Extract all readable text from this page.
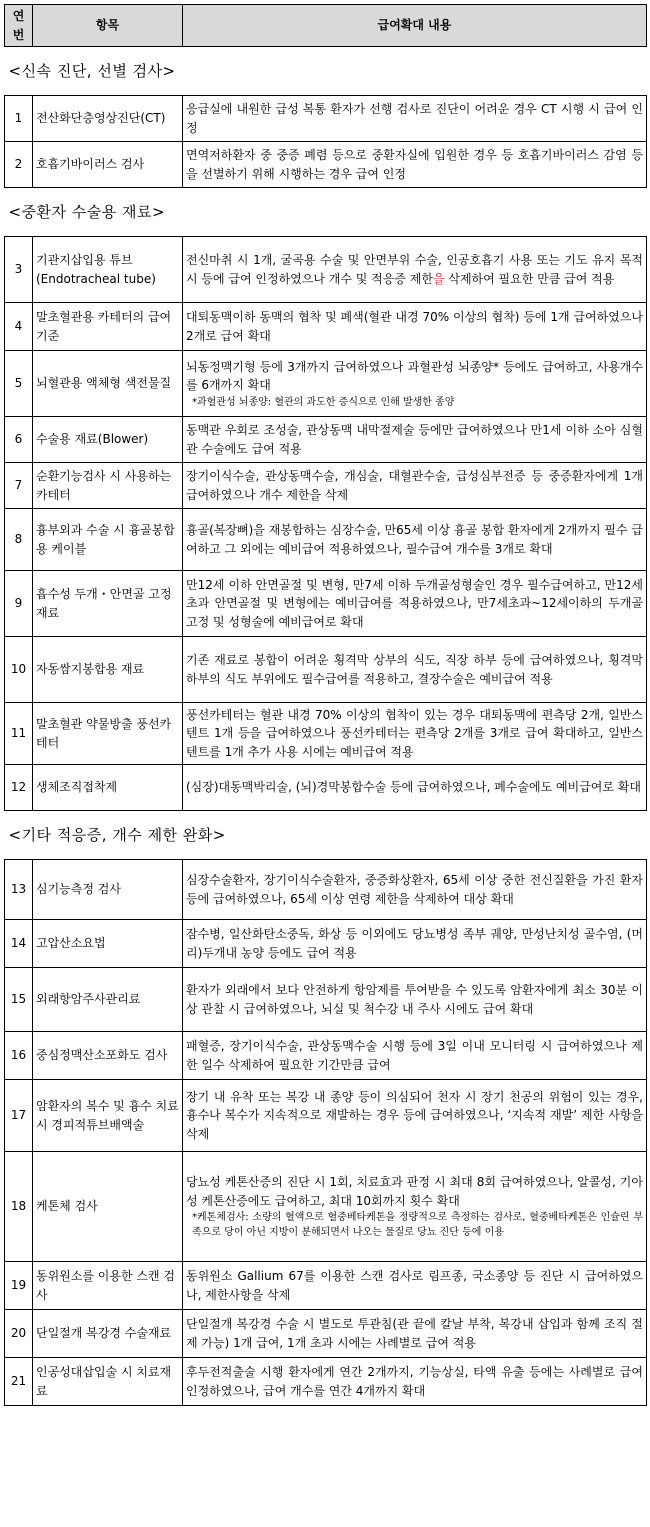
연번	항목	급여확대 내용
<신속 진단, 선별 검사>		
1	전산화단층영상진단(CT)	응급실에 내원한 급성 복통 환자가 선행 검사로 진단이 어려운 경우 CT 시행 시 급여 인정
2	호흡기바이러스 검사	면역저하환자 중 중증 폐렴 등으로 중환자실에 입원한 경우 등 호흡기바이러스 감염 등을 선별하기 위해 시행하는 경우 급여 인정
<중환자 수술용 재료>		
3	기관지삽입용 튜브(Endotracheal tube)	전신마취 시 1개, 굴곡용 수술 및 안면부위 수술, 인공호흡기 사용 또는 기도 유지 목적 시 등에 급여 인정하였으나 개수 및 적응증 제한을 삭제하여 필요한 만큼 급여 적용
4	말초혈관용 카테터의 급여기준	대퇴동맥이하 동맥의 협착 및 폐색(혈관 내경 70% 이상의 협착) 등에 1개 급여하였으나 2개로 급여 확대
5	뇌혈관용 액체형 색전물질	뇌동정맥기형 등에 3개까지 급여하였으나 과혈관성 뇌종양* 등에도 급여하고, 사용개수를 6개까지 확대
*과혈관성 뇌종양: 혈관의 과도한 증식으로 인해 발생한 종양

6	수술용 재료(Blower)	동맥관 우회로 조성술, 관상동맥 내막절제술 등에만 급여하였으나 만1세 이하 소아 심혈관 수술에도 급여 적용
7	순환기능검사 시 사용하는 카테터	장기이식수술, 관상동맥수술, 개심술, 대혈관수술, 급성심부전증 등 중증환자에게 1개 급여하였으나 개수 제한을 삭제
8	흉부외과 수술 시 흉골봉합용 케이블	흉골(복장뼈)을 재봉합하는 심장수술, 만65세 이상 흉골 봉합 환자에게 2개까지 필수 급여하고 그 외에는 예비급여 적용하였으나, 필수급여 개수를 3개로 확대
9	흡수성 두개・안면골 고정재료	만12세 이하 안면골절 및 변형, 만7세 이하 두개골성형술인 경우 필수급여하고, 만12세초과 안면골절 및 변형에는 예비급여를 적용하였으나, 만7세초과~12세이하의 두개골 고정 및 성형술에 예비급여로 확대
10	자동쌈지봉합용 재료	기존 재료로 봉합이 어려운 횡격막 상부의 식도, 직장 하부 등에 급여하였으나, 횡격막 하부의 식도 부위에도 필수급여를 적용하고, 결장수술은 예비급여 적용
11	말초혈관 약물방출 풍선카테터	풍선카테터는 혈관 내경 70% 이상의 협착이 있는 경우 대퇴동맥에 편측당 2개, 일반스텐트 1개 등을 급여하였으나 풍선카테터는 편측당 2개를 3개로 급여 확대하고, 일반스텐트를 1개 추가 사용 시에는 예비급여 적용
12	생체조직접착제	(심장)대동맥박리술, (뇌)경막봉합수술 등에 급여하였으나, 폐수술에도 예비급여로 확대
<기타 적응증, 개수 제한 완화>		
13	심기능측정 검사	심장수술환자, 장기이식수술환자, 중증화상환자, 65세 이상 중한 전신질환을 가진 환자 등에 급여하였으나, 65세 이상 연령 제한을 삭제하여 대상 확대
14	고압산소요법	잠수병, 일산화탄소중독, 화상 등 이외에도 당뇨병성 족부 궤양, 만성난치성 골수염, (머리)두개내 농양 등에도 급여 적용
15	외래항암주사관리료	환자가 외래에서 보다 안전하게 항암제를 투여받을 수 있도록 암환자에게 최소 30분 이상 관찰 시 급여하였으나, 뇌실 및 척수강 내 주사 시에도 급여 확대
16	중심정맥산소포화도 검사	패혈증, 장기이식수술, 관상동맥수술 시행 등에 3일 이내 모니터링 시 급여하였으나 제한 일수 삭제하여 필요한 기간만큼 급여
17	암환자의 복수 및 흉수 치료 시 경피적튜브배액술	장기 내 유착 또는 복강 내 종양 등이 의심되어 천자 시 장기 천공의 위험이 있는 경우, 흉수나 복수가 지속적으로 재발하는 경우 등에 급여하였으나, ‘지속적 재발’ 제한 사항을 삭제
18	케톤체 검사	당뇨성 케톤산증의 진단 시 1회, 치료효과 판정 시 최대 8회 급여하였으나, 알콜성, 기아성 케톤산증에도 급여하고, 최대 10회까지 횟수 확대
*케톤체검사: 소량의 혈액으로 혈중베타케톤을 정량적으로 측정하는 검사로, 혈중베타케톤은 인슐린 부족으로 당이 아닌 지방이 분해되면서 나오는 물질로 당뇨 진단 등에 이용

19	동위원소를 이용한 스캔 검사	동위원소 Gallium 67를 이용한 스캔 검사로 림프종, 국소종양 등 진단 시 급여하였으나, 제한사항을 삭제
20	단일절개 복강경 수술재료	단일절개 복강경 수술 시 별도로 투관침(관 끝에 칼날 부착, 복강내 삽입과 함께 조직 절제 가능) 1개 급여, 1개 초과 시에는 사례별로 급여 적용
21	인공성대삽입술 시 치료재료	후두전적출술 시행 환자에게 연간 2개까지, 기능상실, 타액 유출 등에는 사례별로 급여 인정하였으나, 급여 개수를 연간 4개까지 확대
